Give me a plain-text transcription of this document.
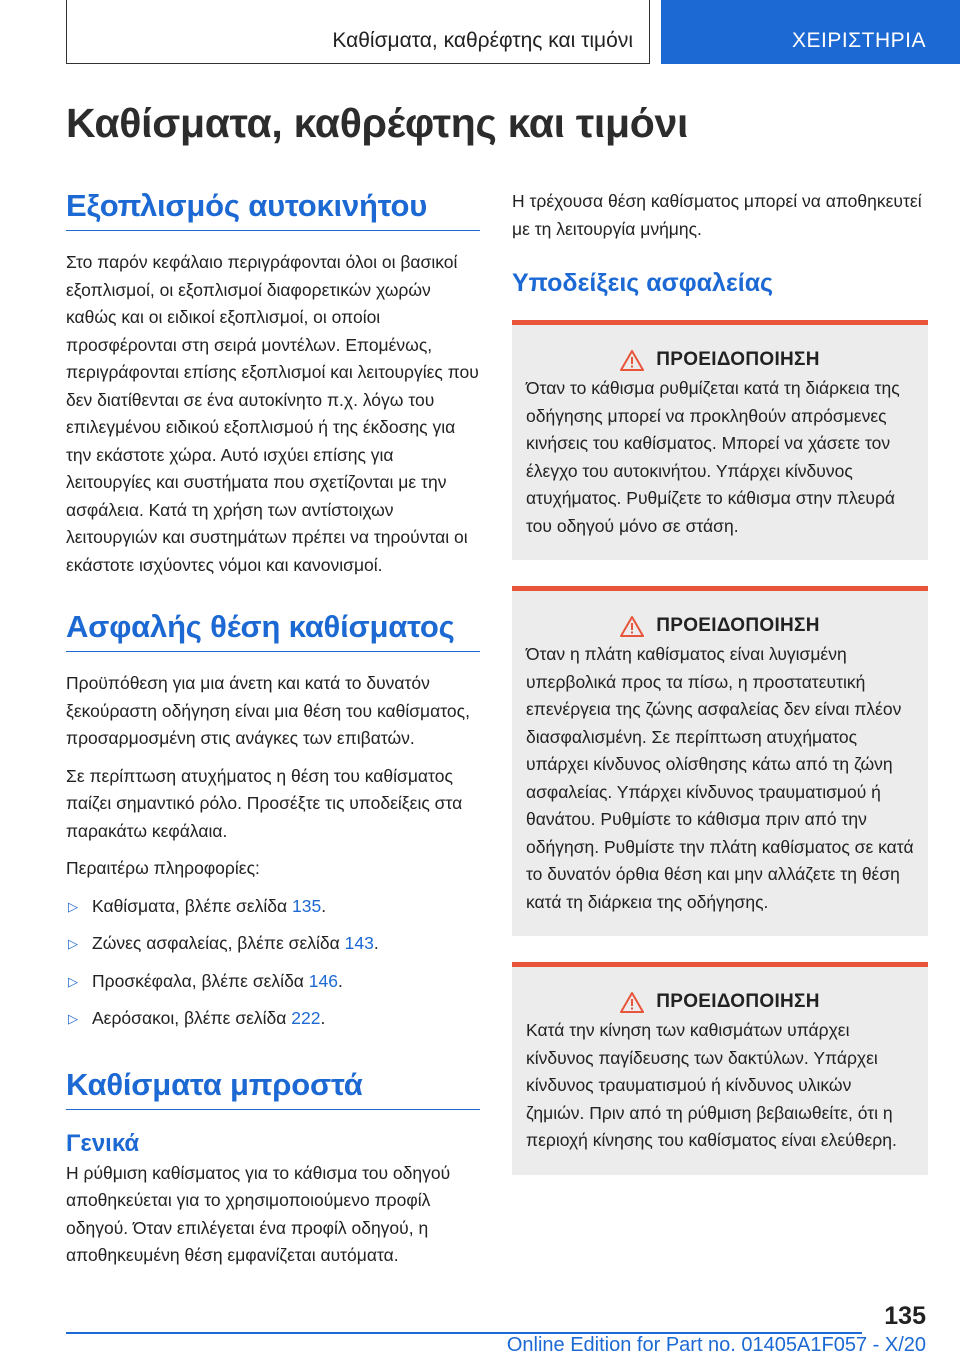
Καθίσματα, καθρέφτης και τιμόνι	ΧΕΙΡΙΣΤΗΡΙΑ
Καθίσματα, καθρέφτης και τιμόνι
Εξοπλισμός αυτοκινήτου
Στο παρόν κεφάλαιο περιγράφονται όλοι οι βασικοί εξοπλισμοί, οι εξοπλισμοί διαφορετικών χωρών καθώς και οι ειδικοί εξοπλισμοί, οι οποίοι προσφέρονται στη σειρά μοντέλων. Επομένως, περιγράφονται επίσης εξοπλισμοί και λειτουργίες που δεν διατίθενται σε ένα αυτοκίνητο π.χ. λόγω του επιλεγμένου ειδικού εξοπλισμού ή της έκδοσης για την εκάστοτε χώρα. Αυτό ισχύει επίσης για λειτουργίες και συστήματα που σχετίζονται με την ασφάλεια. Κατά τη χρήση των αντίστοιχων λειτουργιών και συστημάτων πρέπει να τηρούνται οι εκάστοτε ισχύοντες νόμοι και κανονισμοί.
Ασφαλής θέση καθίσματος
Προϋπόθεση για μια άνετη και κατά το δυνατόν ξεκούραστη οδήγηση είναι μια θέση του καθίσματος, προσαρμοσμένη στις ανάγκες των επιβατών.
Σε περίπτωση ατυχήματος η θέση του καθίσματος παίζει σημαντικό ρόλο. Προσέξτε τις υποδείξεις στα παρακάτω κεφάλαια.
Περαιτέρω πληροφορίες:
▷ Καθίσματα, βλέπε σελίδα 135.
▷ Ζώνες ασφαλείας, βλέπε σελίδα 143.
▷ Προσκέφαλα, βλέπε σελίδα 146.
▷ Αερόσακοι, βλέπε σελίδα 222.
Καθίσματα μπροστά
Γενικά
Η ρύθμιση καθίσματος για το κάθισμα του οδηγού αποθηκεύεται για το χρησιμοποιούμενο προφίλ οδηγού. Όταν επιλέγεται ένα προφίλ οδηγού, η αποθηκευμένη θέση εμφανίζεται αυτόματα.
Η τρέχουσα θέση καθίσματος μπορεί να αποθηκευτεί με τη λειτουργία μνήμης.
Υποδείξεις ασφαλείας
ΠΡΟΕΙΔΟΠΟΙΗΣΗ
Όταν το κάθισμα ρυθμίζεται κατά τη διάρκεια της οδήγησης μπορεί να προκληθούν απρόσμενες κινήσεις του καθίσματος. Μπορεί να χάσετε τον έλεγχο του αυτοκινήτου. Υπάρχει κίνδυνος ατυχήματος. Ρυθμίζετε το κάθισμα στην πλευρά του οδηγού μόνο σε στάση.
ΠΡΟΕΙΔΟΠΟΙΗΣΗ
Όταν η πλάτη καθίσματος είναι λυγισμένη υπερβολικά προς τα πίσω, η προστατευτική επενέργεια της ζώνης ασφαλείας δεν είναι πλέον διασφαλισμένη. Σε περίπτωση ατυχήματος υπάρχει κίνδυνος ολίσθησης κάτω από τη ζώνη ασφαλείας. Υπάρχει κίνδυνος τραυματισμού ή θανάτου. Ρυθμίστε το κάθισμα πριν από την οδήγηση. Ρυθμίστε την πλάτη καθίσματος σε κατά το δυνατόν όρθια θέση και μην αλλάζετε τη θέση κατά τη διάρκεια της οδήγησης.
ΠΡΟΕΙΔΟΠΟΙΗΣΗ
Κατά την κίνηση των καθισμάτων υπάρχει κίνδυνος παγίδευσης των δακτύλων. Υπάρχει κίνδυνος τραυματισμού ή κίνδυνος υλικών ζημιών. Πριν από τη ρύθμιση βεβαιωθείτε, ότι η περιοχή κίνησης του καθίσματος είναι ελεύθερη.
135
Online Edition for Part no. 01405A1F057 - X/20
